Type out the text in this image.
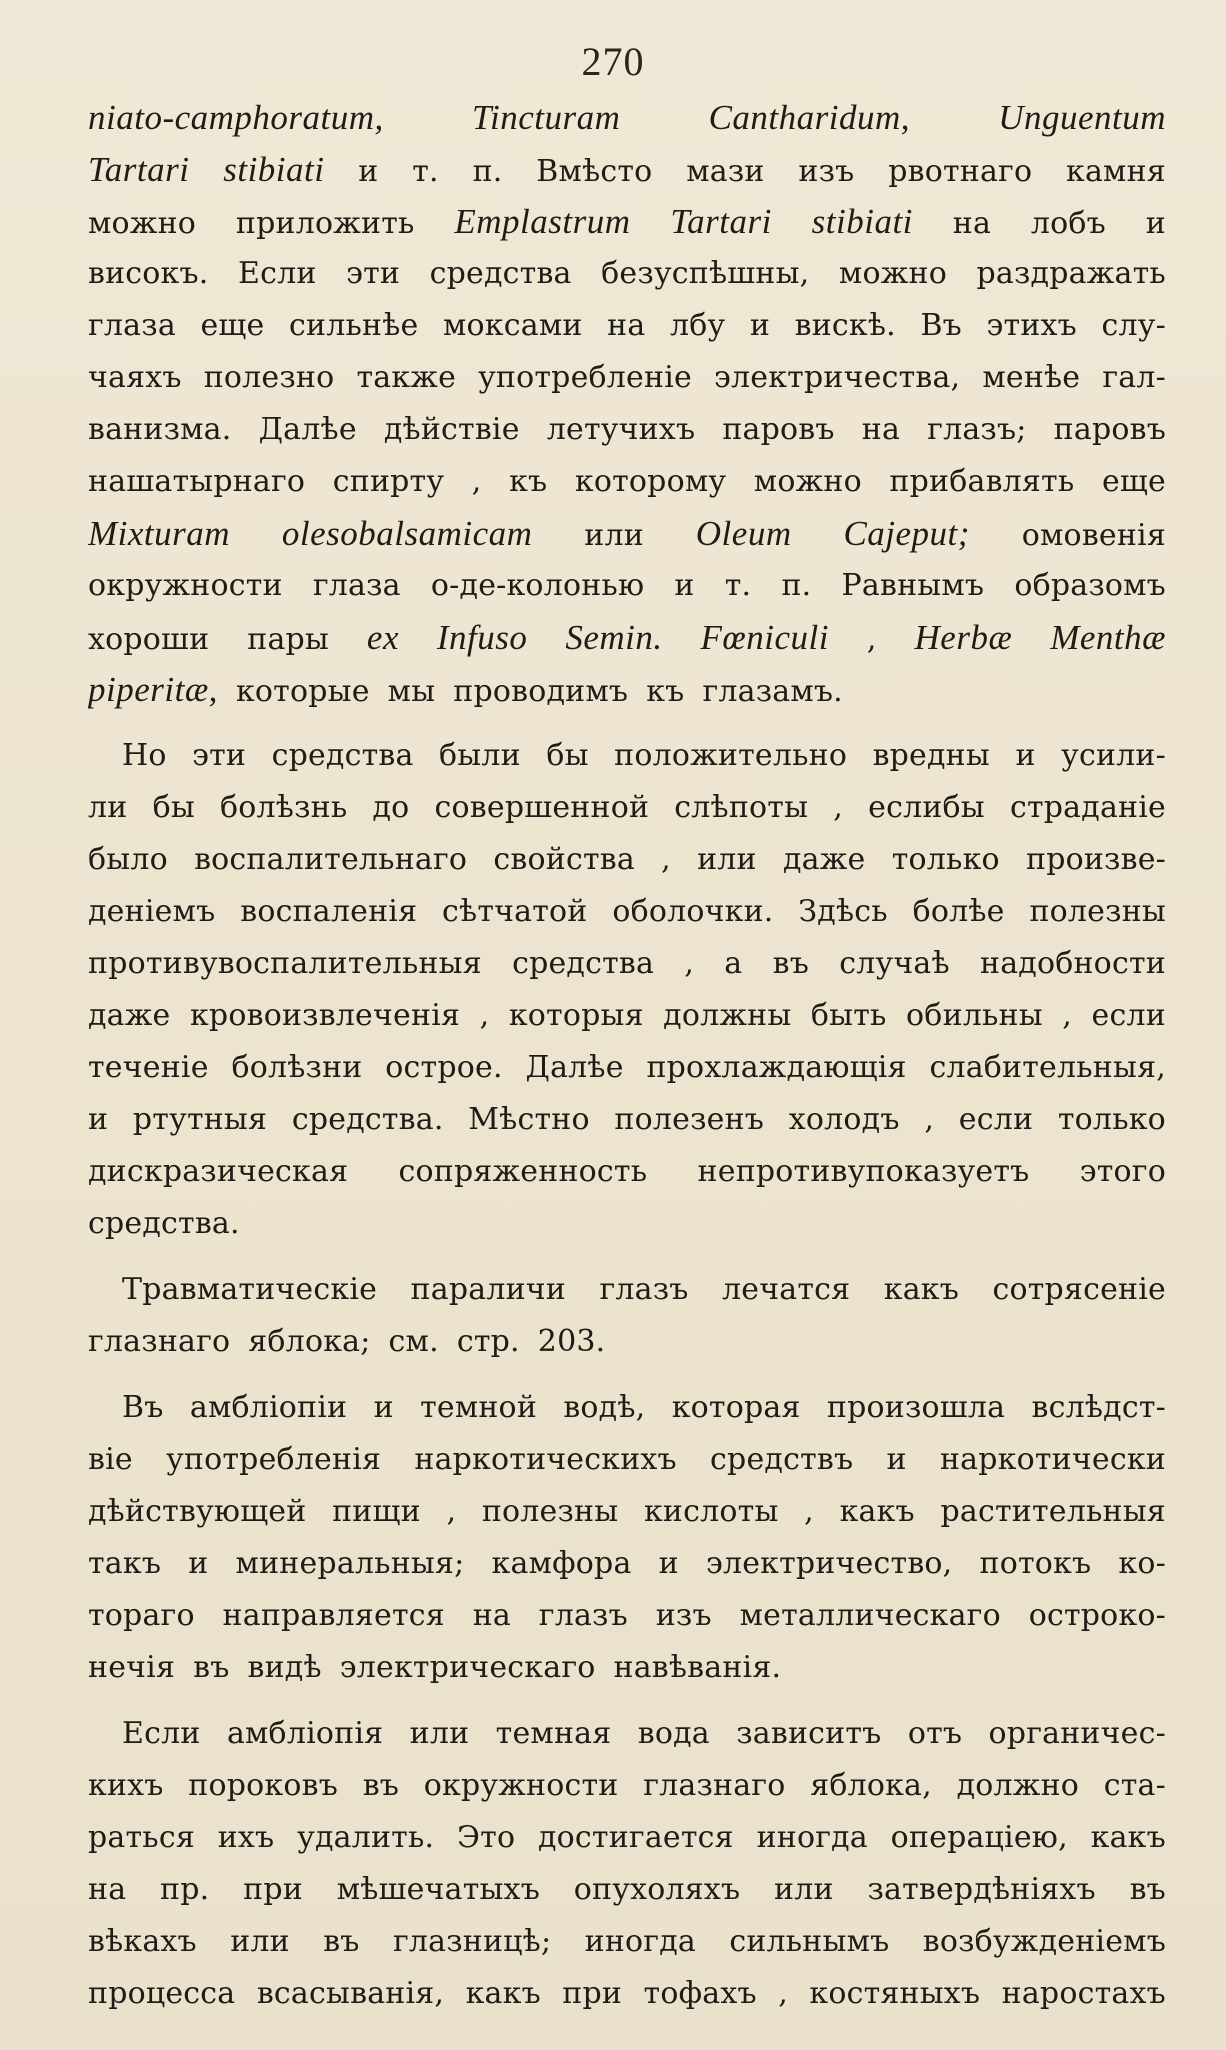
270
niato-camphoratum,	Tincturam	Cantharidum,	Unguentum
Tartari stibiati и т. п. Вмѣсто мази изъ рвотнаго камня
можно приложить Emplastrum Tartari stibiati на лобъ и
високъ. Если эти средства безуспѣшны, можно раздражать
глаза еще сильнѣе моксами на лбу и вискѣ. Въ этихъ слу-
чаяхъ полезно также употребленіе электричества, менѣе гал-
ванизма. Далѣе дѣйствіе летучихъ паровъ на глазъ; паровъ
нашатырнаго спирту , къ которому можно прибавлять еще
Mixturam olesobalsamicam или Oleum Cajeput; омовенія
окружности глаза о-де-колонью и т. п. Равнымъ образомъ
хороши пары ex Infuso Semin. Fœniculi , Herbæ Menthæ
piperitæ, которые мы проводимъ къ глазамъ.
Но эти средства были бы положительно вредны и усили-
ли бы болѣзнь до совершенной слѣпоты , еслибы страданіе
было воспалительнаго свойства , или даже только произве-
деніемъ воспаленія сѣтчатой оболочки. Здѣсь болѣе полезны
противувоспалительныя средства , а въ случаѣ надобности
даже кровоизвлеченія , которыя должны быть обильны , если
теченіе болѣзни острое. Далѣе прохлаждающія слабительныя,
и ртутныя средства. Мѣстно полезенъ холодъ , если только
дискразическая сопряженность непротивупоказуетъ этого
средства.
Травматическіе параличи глазъ лечатся какъ сотрясеніе
глазнаго яблока; см. стр. 203.
Въ амбліопіи и темной водѣ, которая произошла вслѣдст-
віе употребленія наркотическихъ средствъ и наркотически
дѣйствующей пищи , полезны кислоты , какъ растительныя
такъ и минеральныя; камфора и электричество, потокъ ко-
тораго направляется на глазъ изъ металлическаго остроко-
нечія въ видѣ электрическаго навѣванія.
Если амбліопія или темная вода зависитъ отъ органичес-
кихъ пороковъ въ окружности глазнаго яблока, должно ста-
раться ихъ удалить. Это достигается иногда операціею, какъ
на пр. при мѣшечатыхъ опухоляхъ или затвердѣніяхъ въ
вѣкахъ или въ глазницѣ; иногда сильнымъ возбужденіемъ
процесса всасыванія, какъ при тофахъ , костяныхъ наростахъ
